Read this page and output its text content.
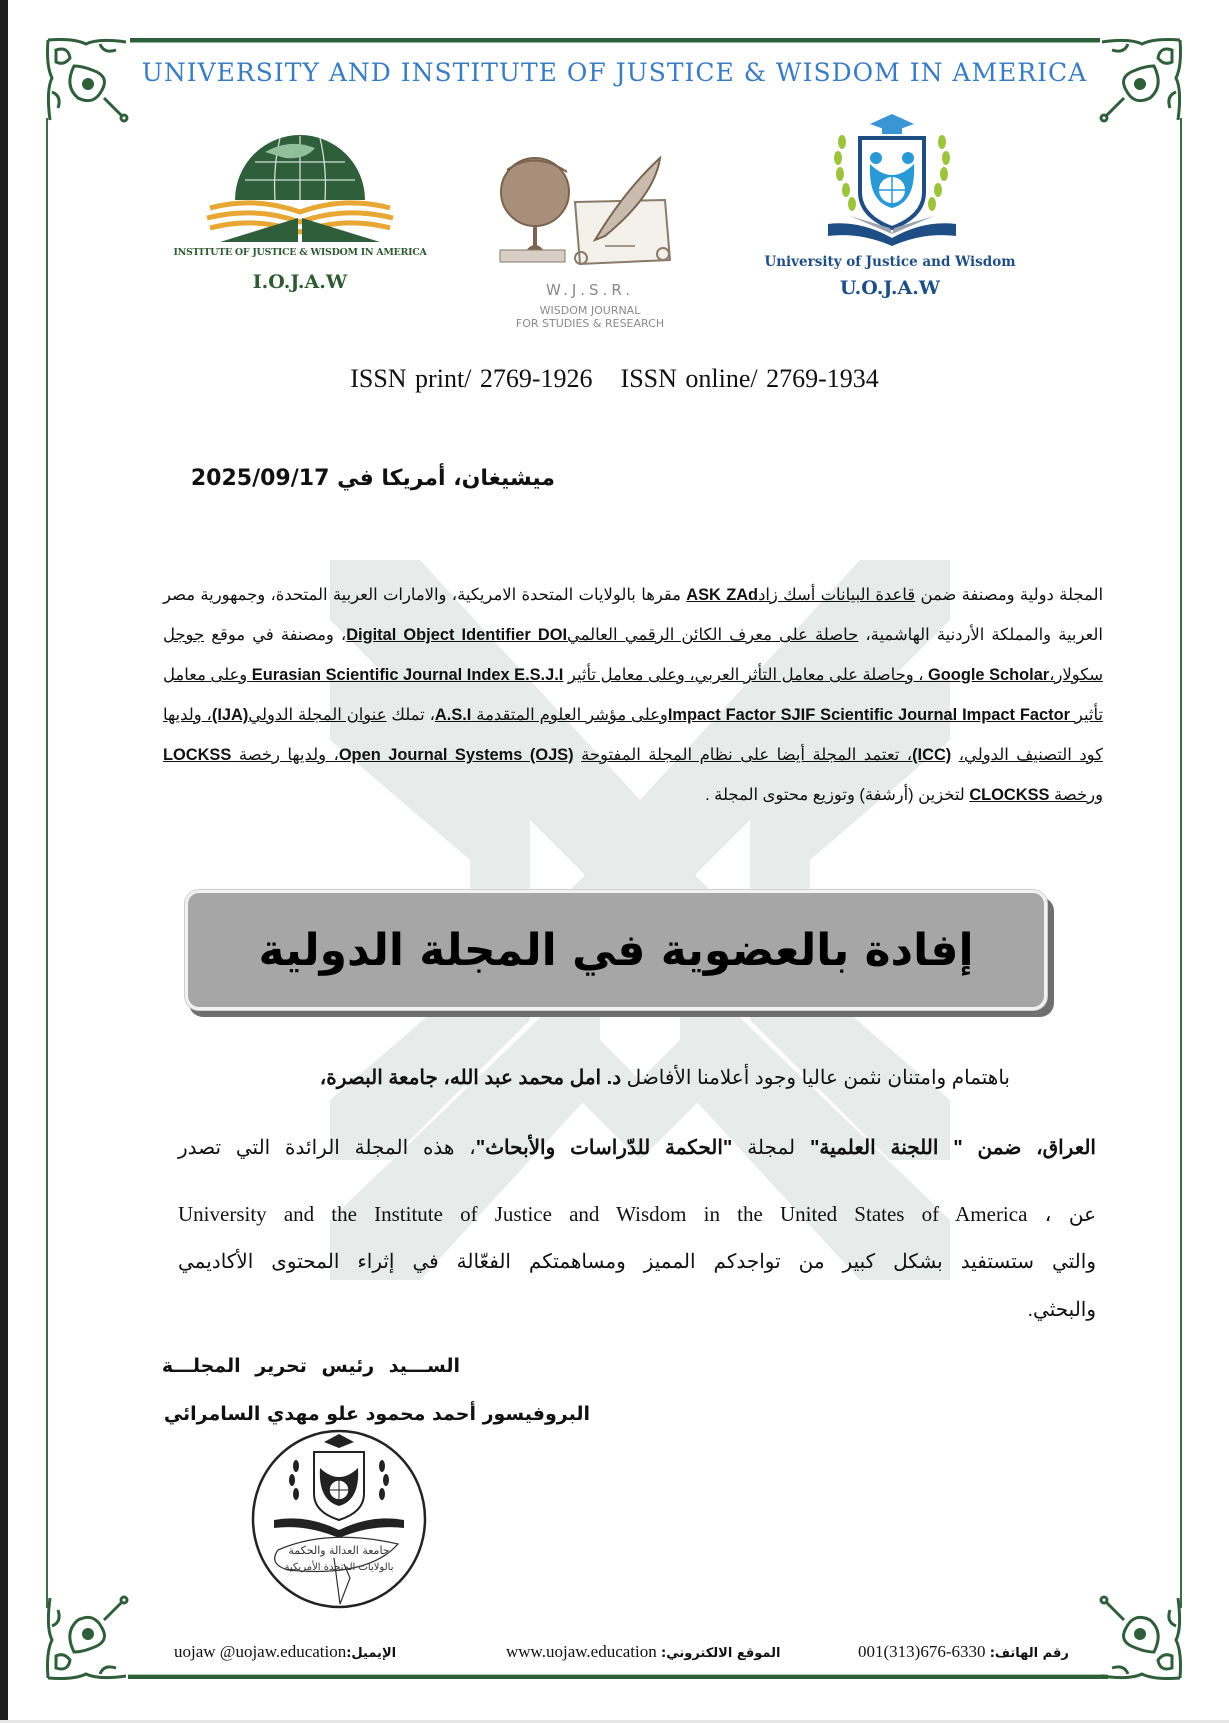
UNIVERSITY AND INSTITUTE OF JUSTICE & WISDOM IN AMERICA
INSTITUTE OF JUSTICE & WISDOM IN AMERICA
I.O.J.A.W	W.J.S.R.
WISDOM JOURNAL
FOR STUDIES & RESEARCH
University of Justice and Wisdom
U.O.J.A.W
ISSN print/ 2769-1926 ISSN online/ 2769-1934
ميشيغان، أمريكا في 2025/09/17
المجلة دولية ومصنفة ضمن قاعدة البيانات أسك زادASK ZAd مقرها بالولايات المتحدة الامريكية، والامارات العربية المتحدة، وجمهورية مصر العربية والمملكة الأردنية الهاشمية، حاصلة على معرف الكائن الرقمي العالميDigital Object Identifier DOI، ومصنفة في موقع جوجل سكولار،Google Scholar ، وحاصلة على معامل التأثر العربي، وعلى معامل تأثير Eurasian Scientific Journal Index E.S.J.I وعلى معامل تأثير SJIF Scientific Journal Impact Factor Impact Factorوعلى مؤشر العلوم المتقدمة A.S.I، تملك عنوان المجلة الدولي(IJA)، ولديها كود التصنيف الدولي، (ICC)، تعتمد المجلة أيضا على نظام المجلة المفتوحة Open Journal Systems (OJS)، ولديها رخصة LOCKSS ورخصة CLOCKSS لتخزين (أرشفة) وتوزيع محتوى المجلة .
إفادة بالعضوية في المجلة الدولية
باهتمام وامتنان نثمن عاليا وجود أعلامنا الأفاضل د. امل محمد عبد الله، جامعة البصرة،
العراق، ضمن " اللجنة العلمية" لمجلة "الحكمة للدّراسات والأبحاث"، هذه المجلة الرائدة التي تصدر
عن University and the Institute of Justice and Wisdom in the United States of America ،
والتي ستستفيد بشكل كبير من تواجدكم المميز ومساهمتكم الفعّالة في إثراء المحتوى الأكاديمي
والبحثي.
الســـيد رئيس تحرير المجلـــة
البروفيسور أحمد محمود علو مهدي السامرائي
جامعة العدالة والحكمة
بالولايات المتحدة الأمريكية
الإيميل:uojaw @uojaw.education	الموقع الالكتروني: www.uojaw.education	رقم الهاتف: 001(313)676-6330
